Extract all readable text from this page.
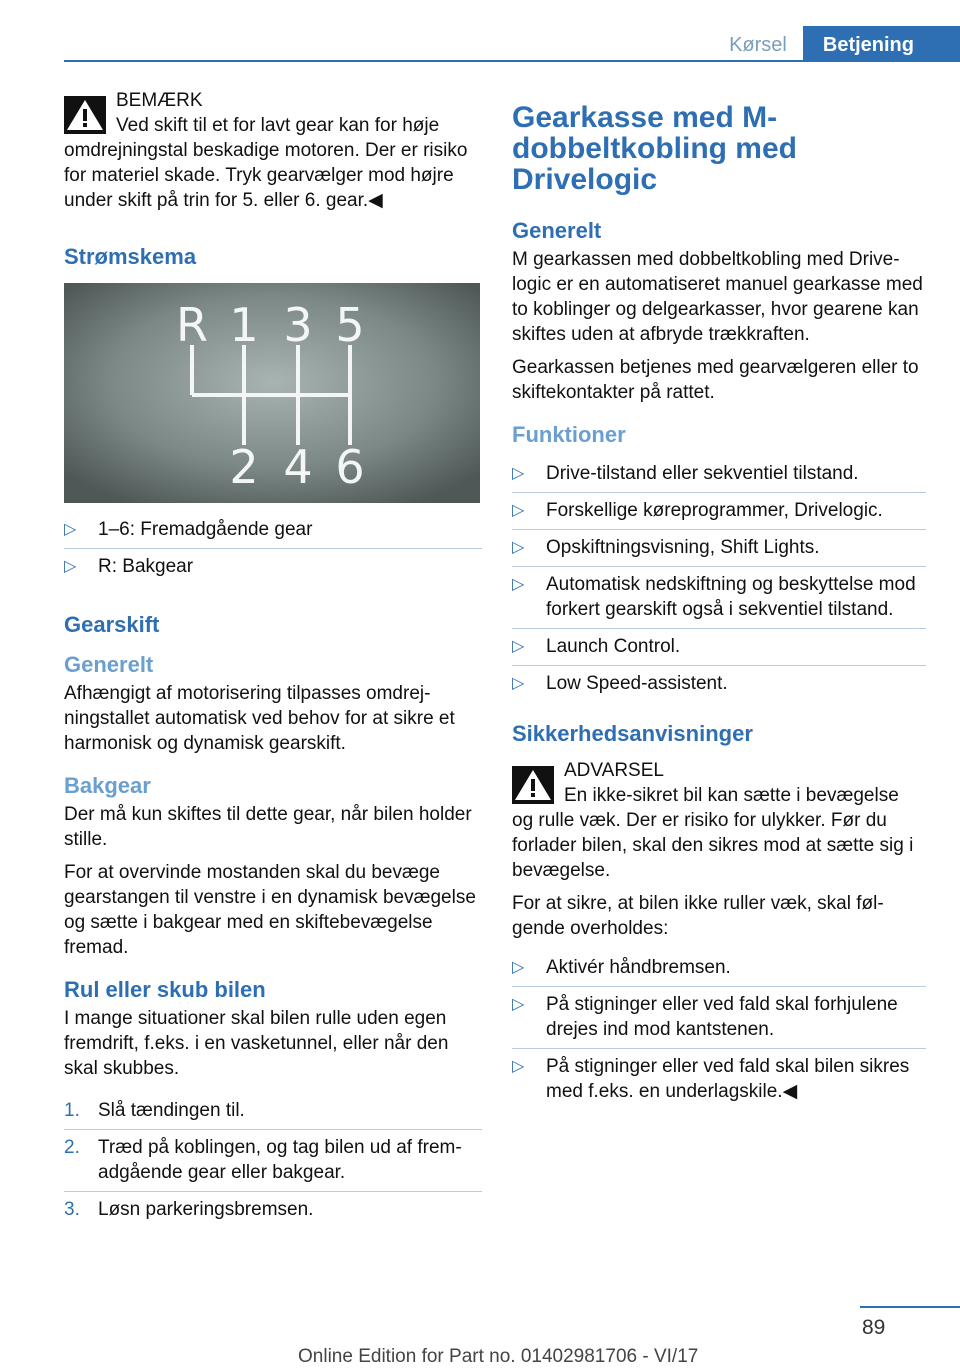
Kørsel	Betjening

BEMÆRK

Ved skift til et for lavt gear kan for høje

omdrejningstal beskadige motoren. Der er risiko for materiel skade. Tryk gearvælger mod højre under skift på trin for 5. eller 6. gear.◀

Strømskema
R 1 3 5
2 4 6
▷ 1–6: Fremadgående gear
▷ R: Bakgear
Gearskift
Generelt

Afhængigt af motorisering tilpasses omdrejningstallet automatisk ved behov for at sikre et harmonisk og dynamisk gearskift.

Bakgear

Der må kun skiftes til dette gear, når bilen holder stille.

For at overvinde mostanden skal du bevæge gearstangen til venstre i en dynamisk bevægelse og sætte i bakgear med en skiftebevægelse fremad.

Rul eller skub bilen

I mange situationer skal bilen rulle uden egen fremdrift, f.eks. i en vasketunnel, eller når den skal skubbes.

1. Slå tændingen til.
2. Træd på koblingen, og tag bilen ud af fremadgående gear eller bakgear.
3. Løsn parkeringsbremsen.
Gearkasse med M-dobbeltkobling med Drivelogic
Generelt

M gearkassen med dobbeltkobling med Drivelogic er en automatiseret manuel gearkasse med to koblinger og delgearkasser, hvor gearene kan skiftes uden at afbryde trækkraften.

Gearkassen betjenes med gearvælgeren eller to skiftekontakter på rattet.

Funktioner
▷ Drive-tilstand eller sekventiel tilstand.
▷ Forskellige køreprogrammer, Drivelogic.
▷ Opskiftningsvisning, Shift Lights.
▷ Automatisk nedskiftning og beskyttelse mod forkert gearskift også i sekventiel tilstand.
▷ Launch Control.
▷ Low Speed-assistent.
Sikkerhedsanvisninger

ADVARSEL

En ikke-sikret bil kan sætte i bevægelse

og rulle væk. Der er risiko for ulykker. Før du forlader bilen, skal den sikres mod at sætte sig i bevægelse.

For at sikre, at bilen ikke ruller væk, skal følgende overholdes:

▷ Aktivér håndbremsen.
▷ På stigninger eller ved fald skal forhjulene drejes ind mod kantstenen.
▷ På stigninger eller ved fald skal bilen sikres med f.eks. en underlagskile.◀
89
Online Edition for Part no. 01402981706 - VI/17
